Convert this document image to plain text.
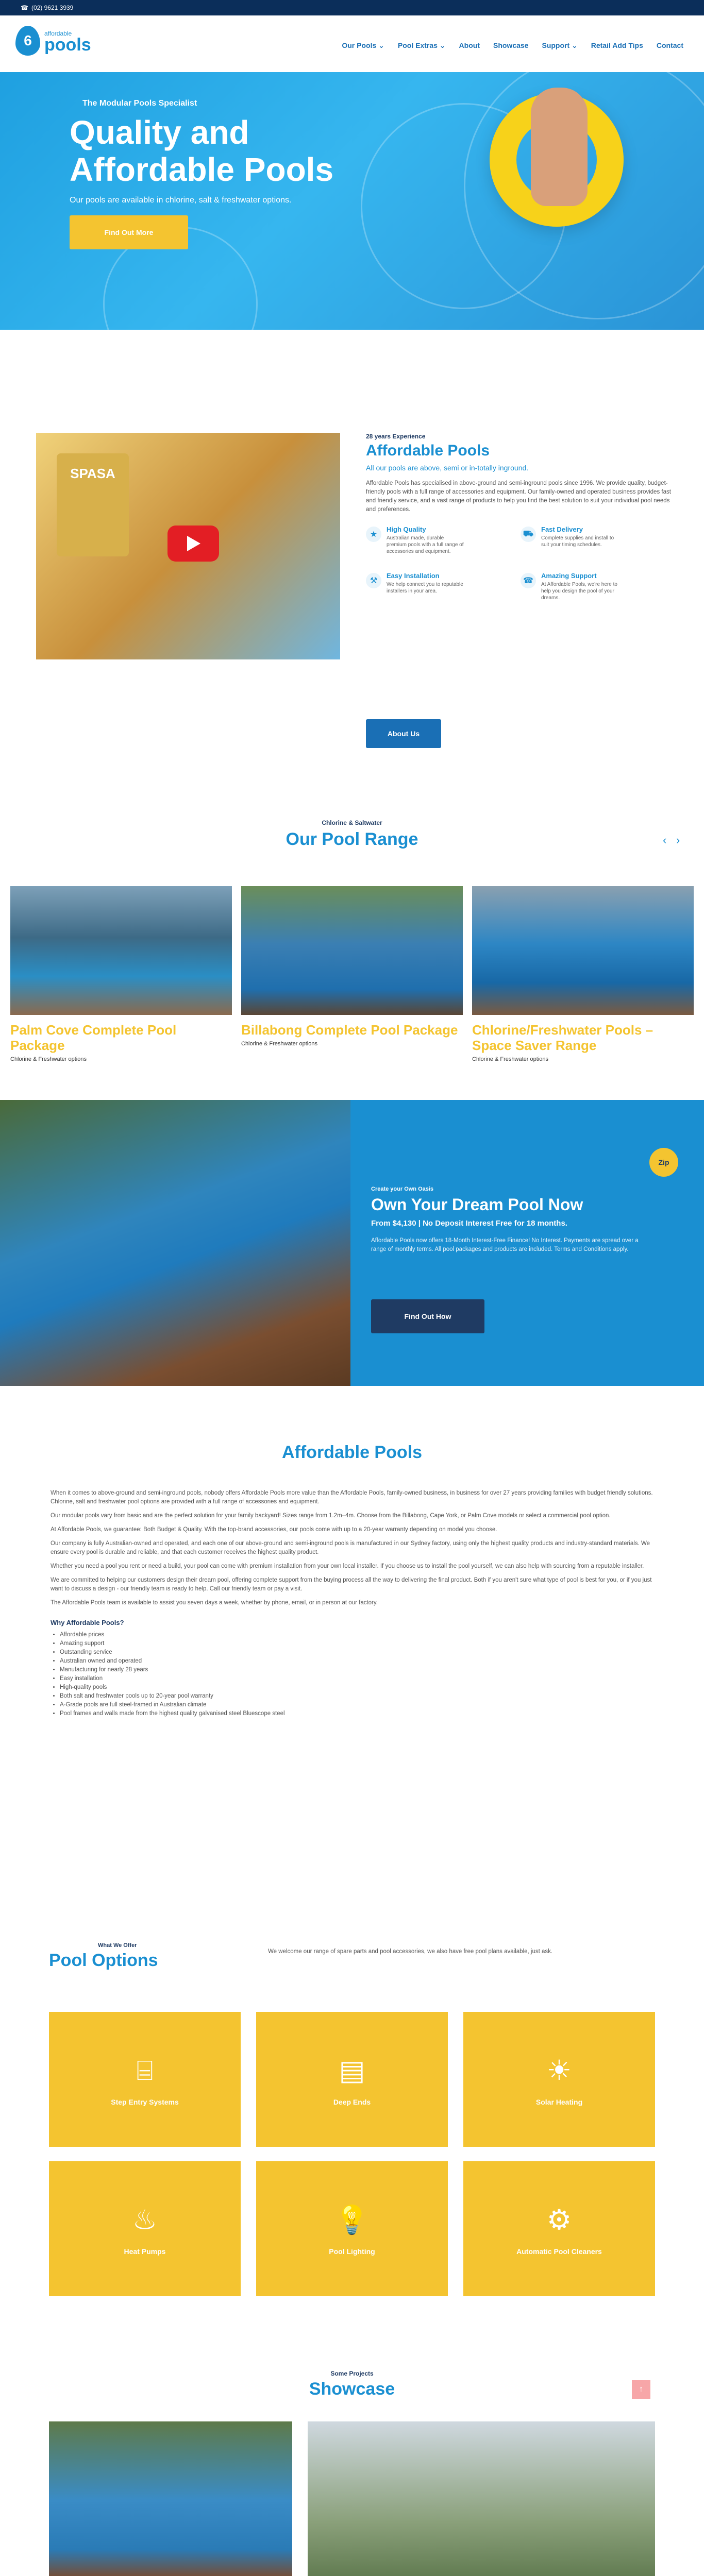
☎ (02) 9621 3939
6	affordable
pools	Our Pools ⌄ Pool Extras ⌄ About Showcase Support ⌄ Retail Add Tips Contact
The Modular Pools Specialist
Quality and
Affordable Pools
Our pools are available in chlorine, salt & freshwater options.
Find Out More
SPASA
28 years Experience
Affordable Pools
All our pools are above, semi or in-totally inground.
Affordable Pools has specialised in above-ground and semi-inground pools since 1996. We provide quality, budget-friendly pools with a full range of accessories and equipment. Our family-owned and operated business provides fast and friendly service, and a vast range of products to help you find the best solution to suit your individual pool needs and preferences.
★
High Quality
Australian made, durable premium pools with a full range of accessories and equipment.
⛟
Fast Delivery
Complete supplies and install to suit your timing schedules.
⚒
Easy Installation
We help connect you to reputable installers in your area.
☎
Amazing Support
At Affordable Pools, we're here to help you design the pool of your dreams.
About Us
Chlorine & Saltwater
Our Pool Range	‹ ›
Palm Cove Complete Pool Package
Chlorine & Freshwater options
Billabong Complete Pool Package
Chlorine & Freshwater options
Chlorine/Freshwater Pools – Space Saver Range
Chlorine & Freshwater options
Zip
Create your Own Oasis
Own Your Dream Pool Now
From $4,130 | No Deposit Interest Free for 18 months.
Affordable Pools now offers 18-Month Interest-Free Finance! No Interest. Payments are spread over a range of monthly terms. All pool packages and products are included. Terms and Conditions apply.
Find Out How
Affordable Pools

When it comes to above-ground and semi-inground pools, nobody offers Affordable Pools more value than the Affordable Pools, family-owned business, in business for over 27 years providing families with budget friendly solutions. Chlorine, salt and freshwater pool options are provided with a full range of accessories and equipment.

Our modular pools vary from basic and are the perfect solution for your family backyard! Sizes range from 1.2m–4m. Choose from the Billabong, Cape York, or Palm Cove models or select a commercial pool option.

At Affordable Pools, we guarantee: Both Budget & Quality. With the top-brand accessories, our pools come with up to a 20-year warranty depending on model you choose.

Our company is fully Australian-owned and operated, and each one of our above-ground and semi-inground pools is manufactured in our Sydney factory, using only the highest quality products and industry-standard materials. We ensure every pool is durable and reliable, and that each customer receives the highest quality product.

Whether you need a pool you rent or need a build, your pool can come with premium installation from your own local installer. If you choose us to install the pool yourself, we can also help with sourcing from a reputable installer.

We are committed to helping our customers design their dream pool, offering complete support from the buying process all the way to delivering the final product. Both if you aren't sure what type of pool is best for you, or if you just want to discuss a design - our friendly team is ready to help. Call our friendly team or pay a visit.

The Affordable Pools team is available to assist you seven days a week, whether by phone, email, or in person at our factory.

Why Affordable Pools?

• Affordable prices
• Amazing support
• Outstanding service
• Australian owned and operated
• Manufacturing for nearly 28 years
• Easy installation
• High-quality pools
• Both salt and freshwater pools up to 20-year pool warranty
• A-Grade pools are full steel-framed in Australian climate
• Pool frames and walls made from the highest quality galvanised steel Bluescope steel
What We Offer
Pool Options	We welcome our range of spare parts and pool accessories, we also have free pool plans available, just ask.
⌸
Step Entry Systems
▤
Deep Ends
☀
Solar Heating
♨
Heat Pumps
💡
Pool Lighting
⚙
Automatic Pool Cleaners
Some Projects
Showcase	↑
